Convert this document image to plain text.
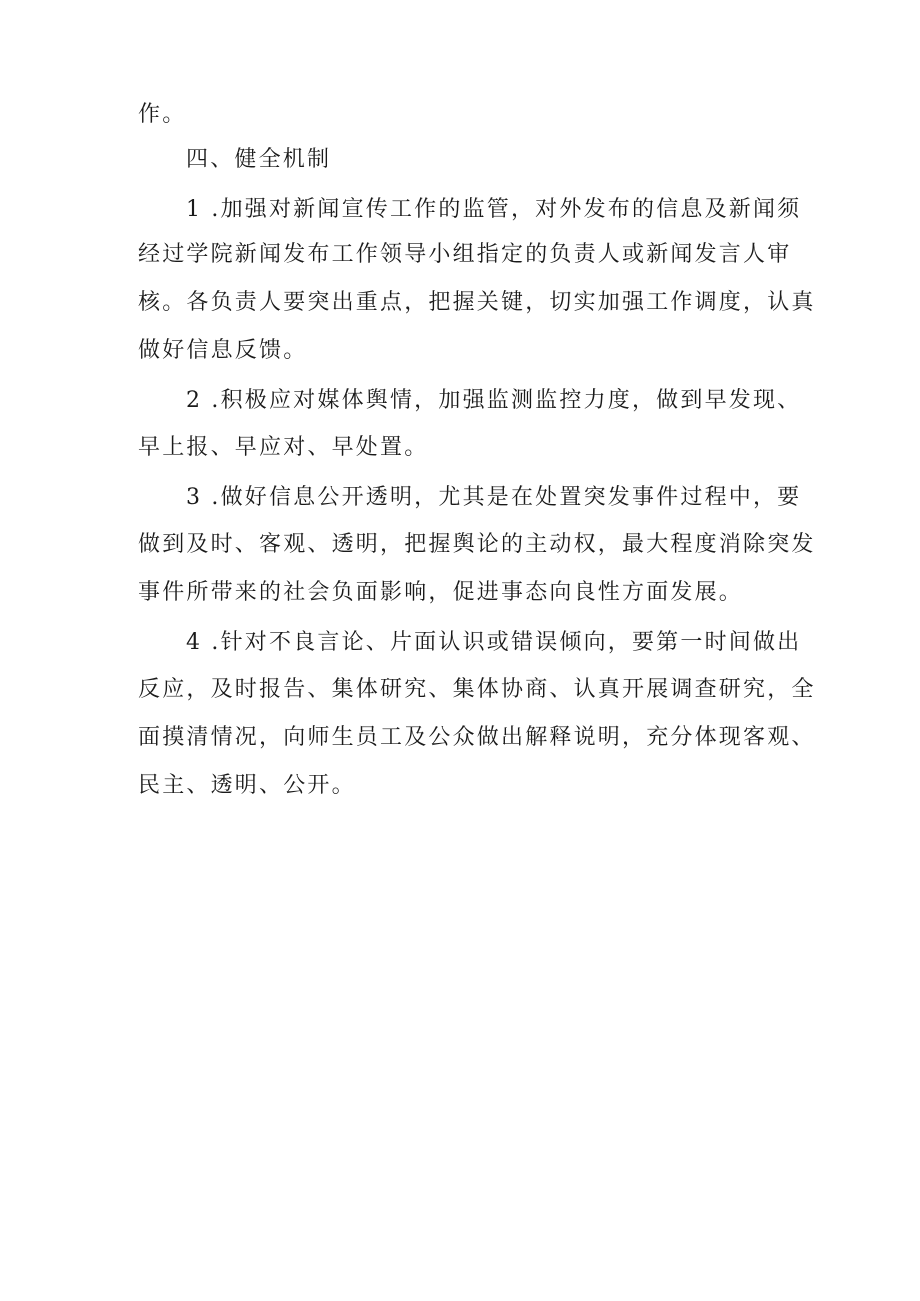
作。
四、健全机制
1 .加强对新闻宣传工作的监管，对外发布的信息及新闻须
经过学院新闻发布工作领导小组指定的负责人或新闻发言人审
核。各负责人要突出重点，把握关键，切实加强工作调度，认真
做好信息反馈。
2 .积极应对媒体舆情，加强监测监控力度，做到早发现、
早上报、早应对、早处置。
3 .做好信息公开透明，尤其是在处置突发事件过程中，要
做到及时、客观、透明，把握舆论的主动权，最大程度消除突发
事件所带来的社会负面影响，促进事态向良性方面发展。
4 .针对不良言论、片面认识或错误倾向，要第一时间做出
反应，及时报告、集体研究、集体协商、认真开展调查研究，全
面摸清情况，向师生员工及公众做出解释说明，充分体现客观、
民主、透明、公开。
